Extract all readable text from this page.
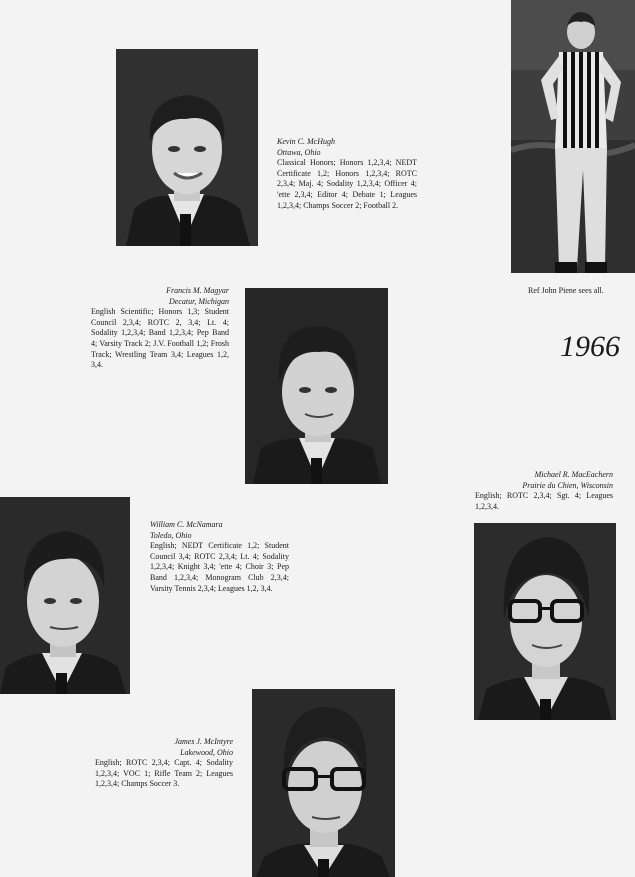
Kevin C. McHugh
Ottawa, Ohio
Classical Honors; Honors 1,2,3,4; NEDT Certificate 1,2; Honors 1,2,3,4; ROTC 2,3,4; Maj. 4; Sodality 1,2,3,4; Officer 4; 'ette 2,3,4; Editor 4; Debate 1; Leagues 1,2,3,4; Champs Soccer 2; Football 2.
Ref John Piene sees all.
1966
Francis M. Magyar
Decatur, Michigan
English Scientific; Honors 1,3; Student Council 2,3,4; ROTC 2, 3,4; Lt. 4; Sodality 1,2,3,4; Band 1,2,3,4; Pep Band 4; Varsity Track 2; J.V. Football 1,2; Frosh Track; Wrestling Team 3,4; Leagues 1,2, 3,4.
Michael R. MacEachern
Prairie du Chien, Wisconsin
English; ROTC 2,3,4; Sgt. 4; Leagues 1,2,3,4.
William C. McNamara
Toledo, Ohio
English; NEDT Certificate 1,2; Student Council 3,4; ROTC 2,3,4; Lt. 4; Sodality 1,2,3,4; Knight 3,4; 'ette 4; Choir 3; Pep Band 1,2,3,4; Monogram Club 2,3,4; Varsity Tennis 2,3,4; Leagues 1,2, 3,4.
James J. McIntyre
Lakewood, Ohio
English; ROTC 2,3,4; Capt. 4; Sodality 1,2,3,4; VOC 1; Rifle Team 2; Leagues 1,2,3,4; Champs Soccer 3.
